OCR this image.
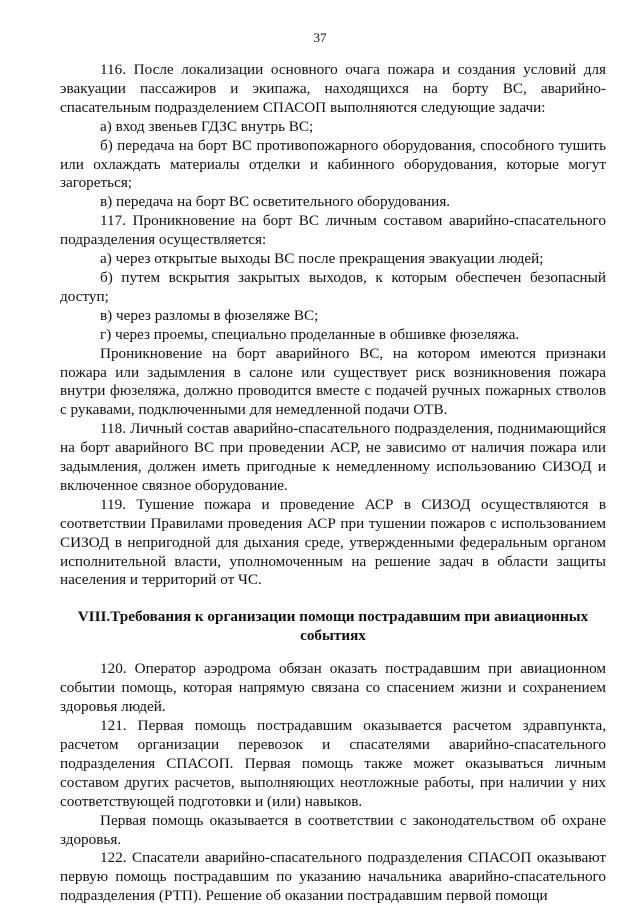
37

116. После локализации основного очага пожара и создания условий для эвакуации пассажиров и экипажа, находящихся на борту ВС, аварийно-спасательным подразделением СПАСОП выполняются следующие задачи:

а) вход звеньев ГДЗС внутрь ВС;

б) передача на борт ВС противопожарного оборудования, способного тушить или охлаждать материалы отделки и кабинного оборудования, которые могут загореться;

в) передача на борт ВС осветительного оборудования.

117. Проникновение на борт ВС личным составом аварийно-спасательного подразделения осуществляется:

а) через открытые выходы ВС после прекращения эвакуации людей;

б) путем вскрытия закрытых выходов, к которым обеспечен безопасный доступ;

в) через разломы в фюзеляже ВС;

г) через проемы, специально проделанные в обшивке фюзеляжа.

Проникновение на борт аварийного ВС, на котором имеются признаки пожара или задымления в салоне или существует риск возникновения пожара внутри фюзеляжа, должно проводится вместе с подачей ручных пожарных стволов с рукавами, подключенными для немедленной подачи ОТВ.

118. Личный состав аварийно-спасательного подразделения, поднимающийся на борт аварийного ВС при проведении АСР, не зависимо от наличия пожара или задымления, должен иметь пригодные к немедленному использованию СИЗОД и включенное связное оборудование.

119. Тушение пожара и проведение АСР в СИЗОД осуществляются в соответствии Правилами проведения АСР при тушении пожаров с использованием СИЗОД в непригодной для дыхания среде, утвержденными федеральным органом исполнительной власти, уполномоченным на решение задач в области защиты населения и территорий от ЧС.

VIII.Требования к организации помощи пострадавшим при авиационных событиях

120. Оператор аэродрома обязан оказать пострадавшим при авиационном событии помощь, которая напрямую связана со спасением жизни и сохранением здоровья людей.

121. Первая помощь пострадавшим оказывается расчетом здравпункта, расчетом организации перевозок и спасателями аварийно-спасательного подразделения СПАСОП. Первая помощь также может оказываться личным составом других расчетов, выполняющих неотложные работы, при наличии у них соответствующей подготовки и (или) навыков.

Первая помощь оказывается в соответствии с законодательством об охране здоровья.

122. Спасатели аварийно-спасательного подразделения СПАСОП оказывают первую помощь пострадавшим по указанию начальника аварийно-спасательного подразделения (РТП). Решение об оказании пострадавшим первой помощи
